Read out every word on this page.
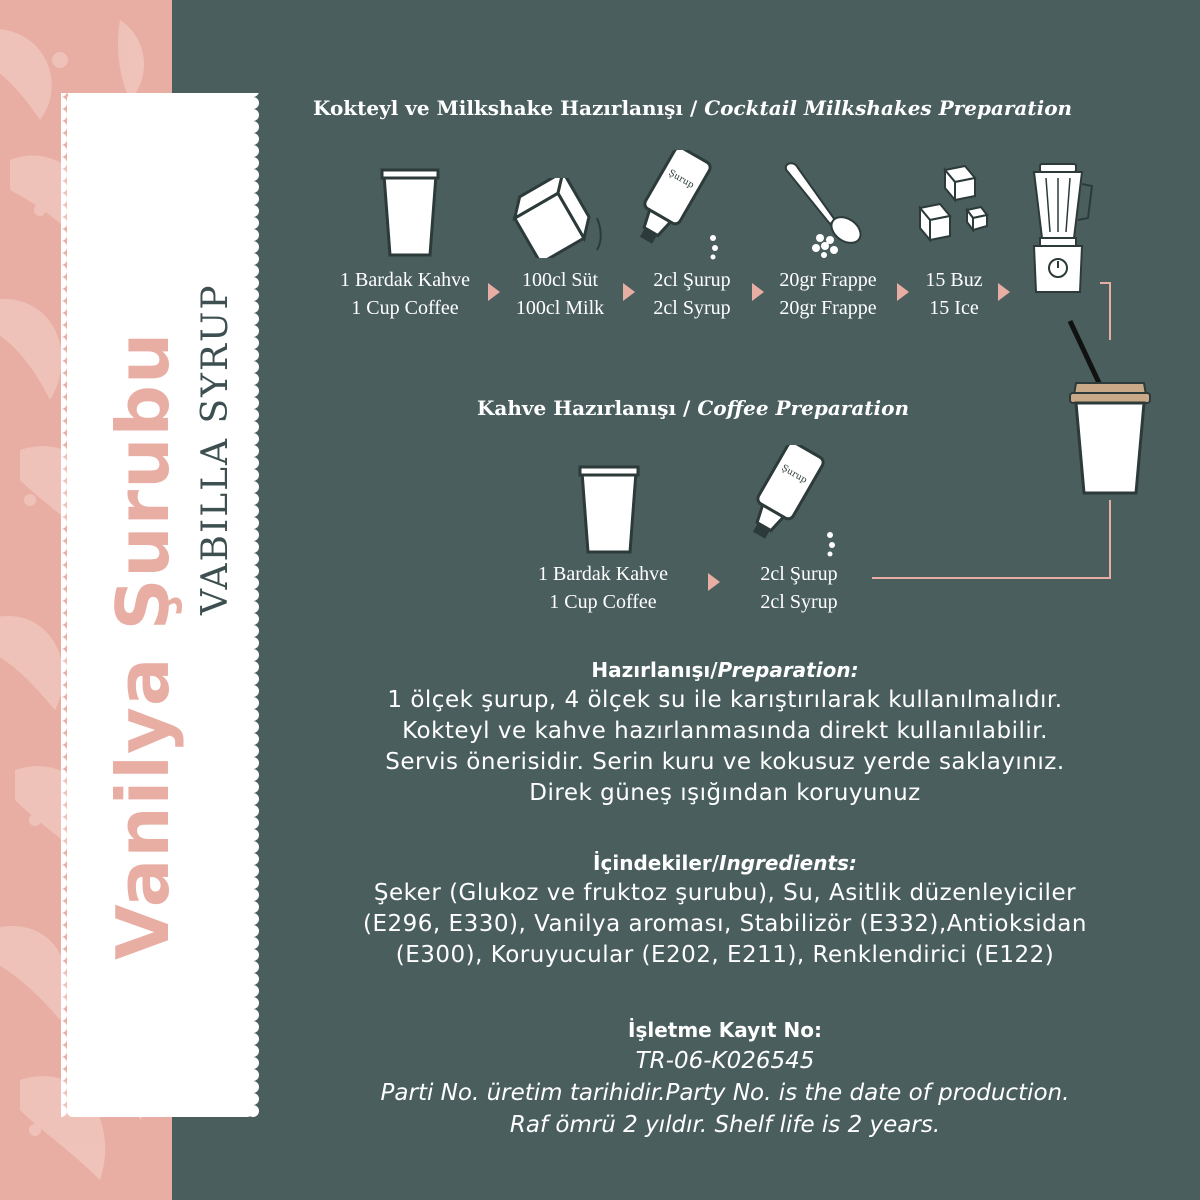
Vanilya Şurubu VABILLA SYRUP
Kokteyl ve Milkshake Hazırlanışı / Cocktail Milkshakes Preparation
Şurup
1 Bardak Kahve
1 Cup Coffee
100cl Süt
100cl Milk
2cl Şurup
2cl Syrup
20gr Frappe
20gr Frappe
15 Buz
15 Ice
Kahve Hazırlanışı / Coffee Preparation
Şurup
1 Bardak Kahve
1 Cup Coffee
2cl Şurup
2cl Syrup
Hazırlanışı/Preparation:
1 ölçek şurup, 4 ölçek su ile karıştırılarak kullanılmalıdır.
Kokteyl ve kahve hazırlanmasında direkt kullanılabilir.
Servis önerisidir. Serin kuru ve kokusuz yerde saklayınız.
Direk güneş ışığından koruyunuz
İçindekiler/Ingredients:
Şeker (Glukoz ve fruktoz şurubu), Su, Asitlik düzenleyiciler
(E296, E330), Vanilya aroması, Stabilizör (E332),Antioksidan
(E300), Koruyucular (E202, E211), Renklendirici (E122)
İşletme Kayıt No:
TR-06-K026545
Parti No. üretim tarihidir.Party No. is the date of production.
Raf ömrü 2 yıldır. Shelf life is 2 years.
